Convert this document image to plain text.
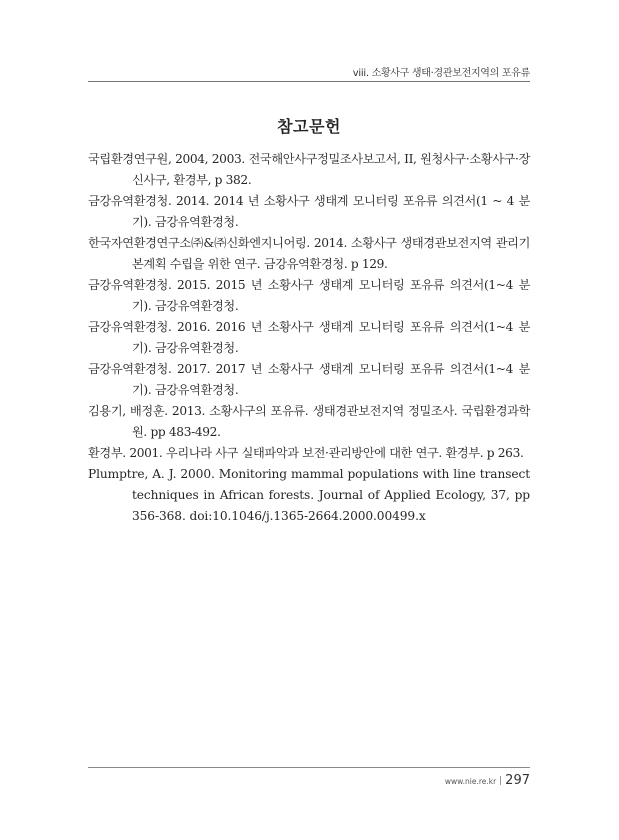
viii. 소황사구 생태·경관보전지역의 포유류
참고문헌
국립환경연구원, 2004, 2003. 전국해안사구정밀조사보고서, II, 원청사구·소황사구·장신사구, 환경부, p 382.
금강유역환경청. 2014. 2014 년 소황사구 생태계 모니터링 포유류 의견서(1 ~ 4 분기). 금강유역환경청.
한국자연환경연구소㈜&㈜신화엔지니어링. 2014. 소황사구 생태경관보전지역 관리기본계획 수립을 위한 연구. 금강유역환경청. p 129.
금강유역환경청. 2015. 2015 년 소황사구 생태계 모니터링 포유류 의견서(1~4 분기). 금강유역환경청.
금강유역환경청. 2016. 2016 년 소황사구 생태계 모니터링 포유류 의견서(1~4 분기). 금강유역환경청.
금강유역환경청. 2017. 2017 년 소황사구 생태계 모니터링 포유류 의견서(1~4 분기). 금강유역환경청.
김용기, 배정훈. 2013. 소황사구의 포유류. 생태경관보전지역 정밀조사. 국립환경과학원. pp 483-492.
환경부. 2001. 우리나라 사구 실태파악과 보전·관리방안에 대한 연구. 환경부. p 263.
Plumptre, A. J. 2000. Monitoring mammal populations with line transect techniques in African forests. Journal of Applied Ecology, 37, pp 356-368. doi:10.1046/j.1365-2664.2000.00499.x
www.nie.re.kr 297
